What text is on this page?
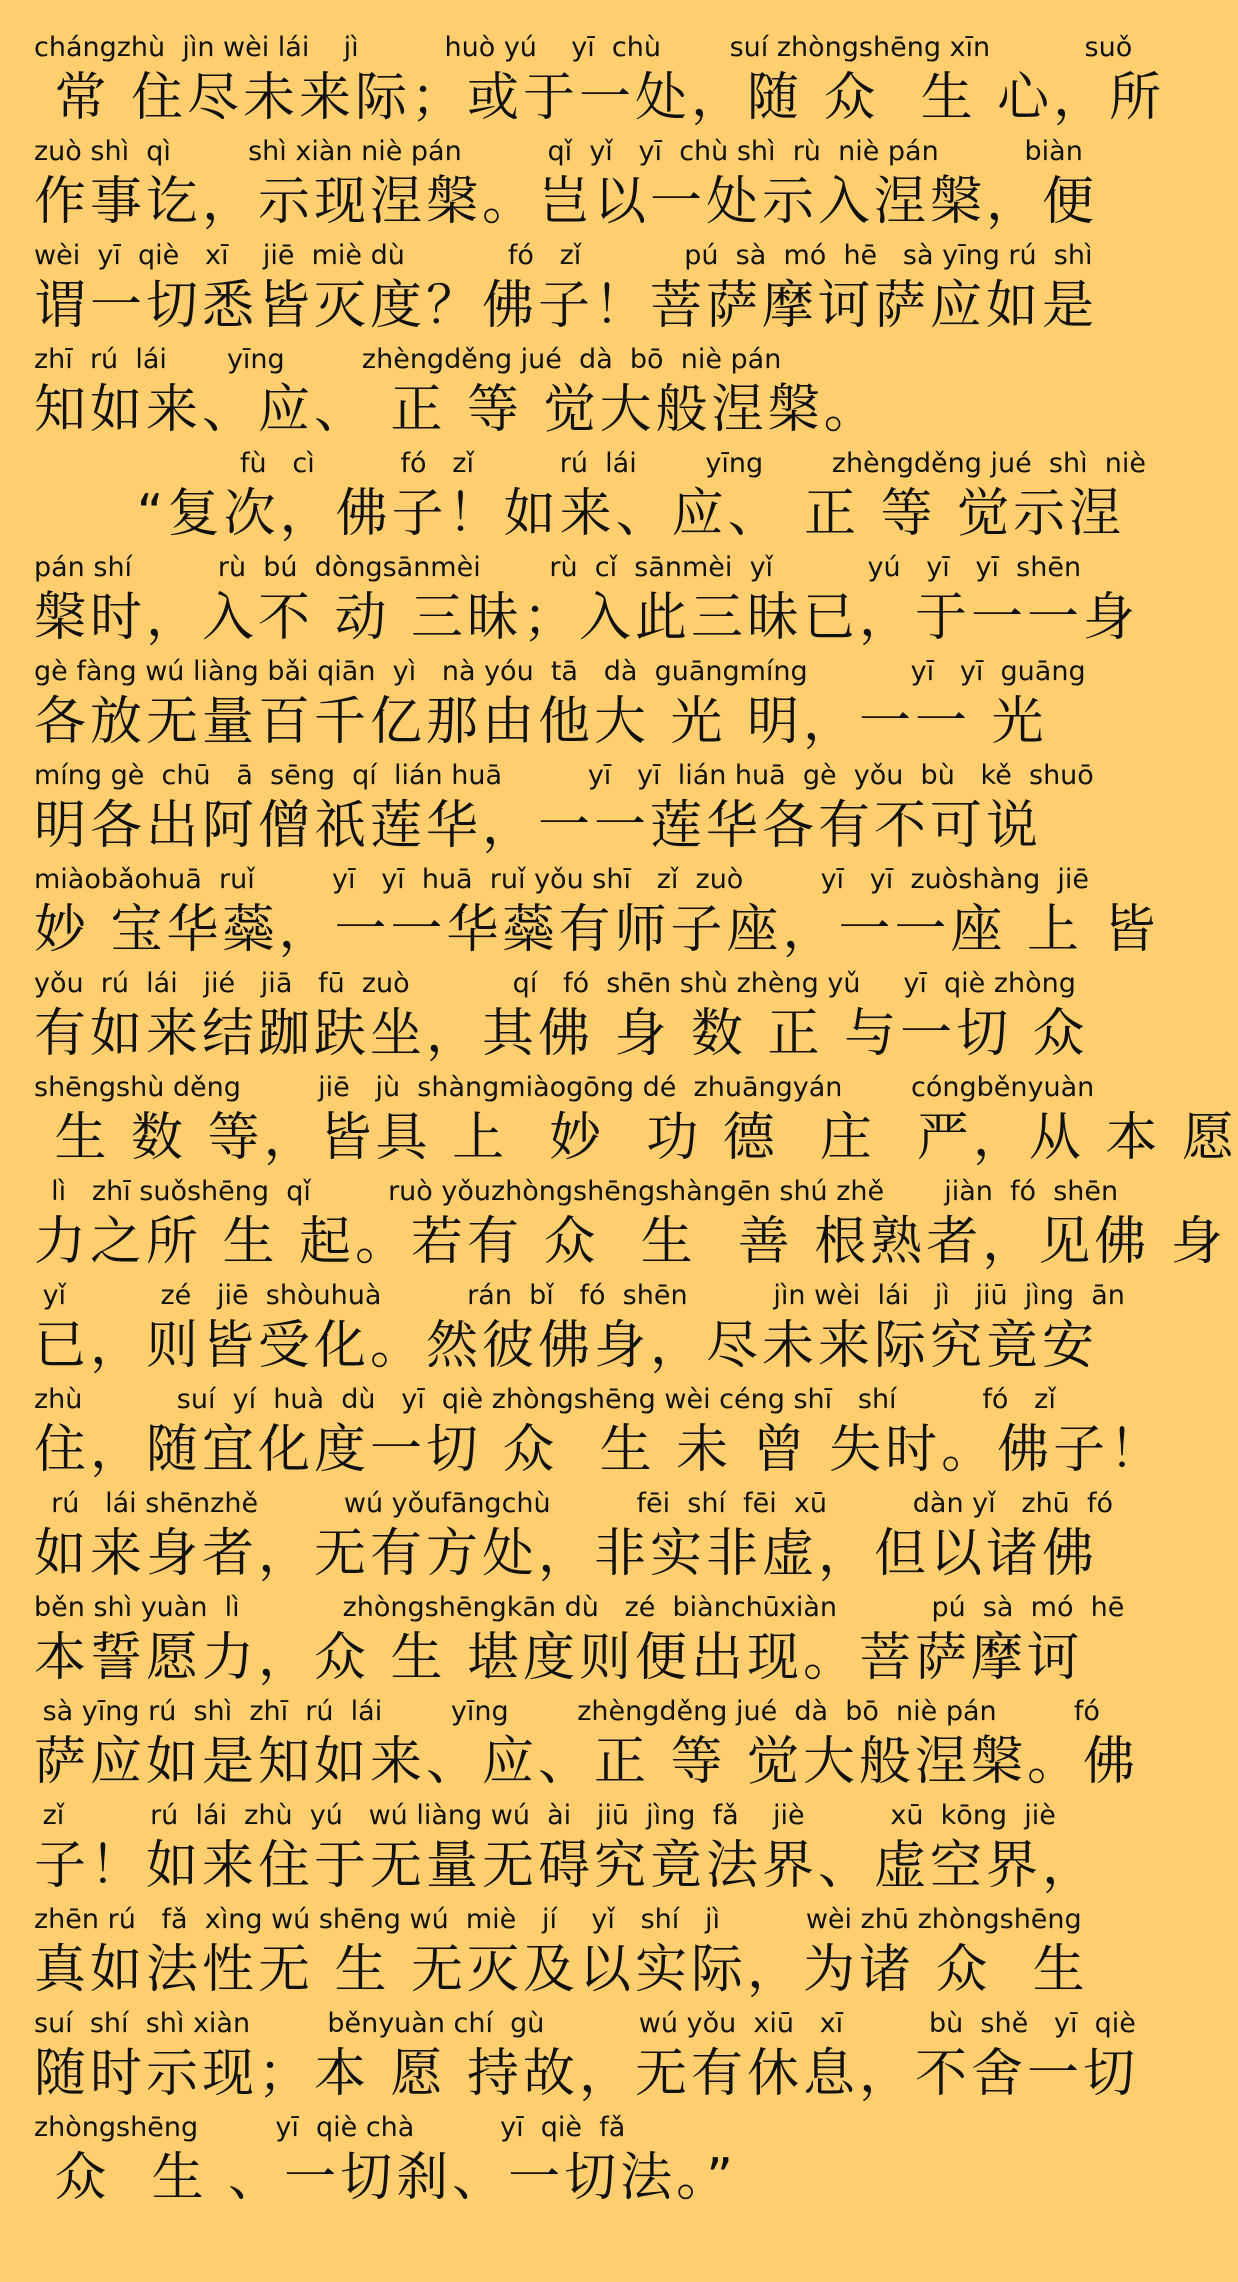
chángzhù  jìn wèi lái    jì          huò yú    yī  chù        suí zhòngshēng xīn           suǒ
常 住尽未来际；或于一处，随 众  生 心，所
zuò shì  qì         shì xiàn niè pán          qǐ  yǐ   yī  chù shì  rù  niè pán          biàn
作事讫，示现涅槃。岂以一处示入涅槃，便
wèi  yī  qiè   xī    jiē  miè dù            fó   zǐ            pú  sà  mó  hē   sà yīng rú  shì
谓一切悉皆灭度？佛子！菩萨摩诃萨应如是
zhī  rú  lái       yīng         zhèngděng jué  dà  bō  niè pán
知如来、应、 正 等 觉大般涅槃。
fù   cì          fó   zǐ          rú  lái        yīng        zhèngděng jué  shì  niè
“复次，佛子！如来、应、 正 等 觉示涅
pán shí          rù  bú  dòngsānmèi        rù  cǐ  sānmèi  yǐ           yú   yī   yī  shēn
槃时，入不 动 三昧；入此三昧已，于一一身
gè fàng wú liàng bǎi qiān  yì   nà yóu  tā   dà  guāngmíng            yī   yī  guāng
各放无量百千亿那由他大 光 明，一一 光
míng gè  chū   ā  sēng  qí  lián huā          yī   yī  lián huā  gè  yǒu  bù   kě  shuō
明各出阿僧祇莲华，一一莲华各有不可说
miàobǎohuā  ruǐ         yī   yī  huā  ruǐ yǒu shī   zǐ  zuò         yī   yī  zuòshàng  jiē
妙 宝华蘂，一一华蘂有师子座，一一座 上 皆
yǒu  rú  lái   jié   jiā   fū  zuò            qí   fó  shēn shù zhèng yǔ     yī  qiè zhòng
有如来结跏趺坐，其佛 身 数 正 与一切 众
shēngshù děng         jiē   jù  shàngmiàogōng dé  zhuāngyán        cóngběnyuàn
生 数 等，皆具 上  妙  功 德  庄  严，从 本 愿
lì   zhī suǒshēng  qǐ         ruò yǒuzhòngshēngshàngēn shú zhě       jiàn  fó  shēn
力之所 生 起。若有 众  生  善 根熟者，见佛 身
yǐ           zé   jiē  shòuhuà          rán  bǐ   fó  shēn          jìn wèi  lái   jì   jiū  jìng  ān
已，则皆受化。然彼佛身，尽未来际究竟安
zhù           suí  yí  huà  dù   yī  qiè zhòngshēng wèi céng shī   shí          fó   zǐ
住，随宜化度一切 众  生 未 曾 失时。佛子！
rú   lái shēnzhě          wú yǒufāngchù          fēi  shí  fēi  xū          dàn yǐ   zhū  fó
如来身者，无有方处，非实非虚，但以诸佛
běn shì yuàn  lì            zhòngshēngkān dù   zé  biànchūxiàn           pú  sà  mó  hē
本誓愿力，众 生 堪度则便出现。菩萨摩诃
sà yīng rú  shì  zhī  rú  lái        yīng        zhèngděng jué  dà  bō  niè pán         fó
萨应如是知如来、应、正 等 觉大般涅槃。佛
zǐ          rú  lái  zhù  yú   wú liàng wú  ài   jiū  jìng  fǎ    jiè          xū  kōng  jiè
子！如来住于无量无碍究竟法界、虚空界，
zhēn rú   fǎ  xìng wú shēng wú  miè   jí    yǐ   shí   jì          wèi zhū zhòngshēng
真如法性无 生 无灭及以实际，为诸 众  生
suí  shí  shì xiàn         běnyuàn chí  gù           wú yǒu  xiū   xī          bù  shě   yī  qiè
随时示现；本 愿 持故，无有休息，不舍一切
zhòngshēng         yī  qiè chà          yī  qiè  fǎ
众  生 、一切刹、一切法。”
